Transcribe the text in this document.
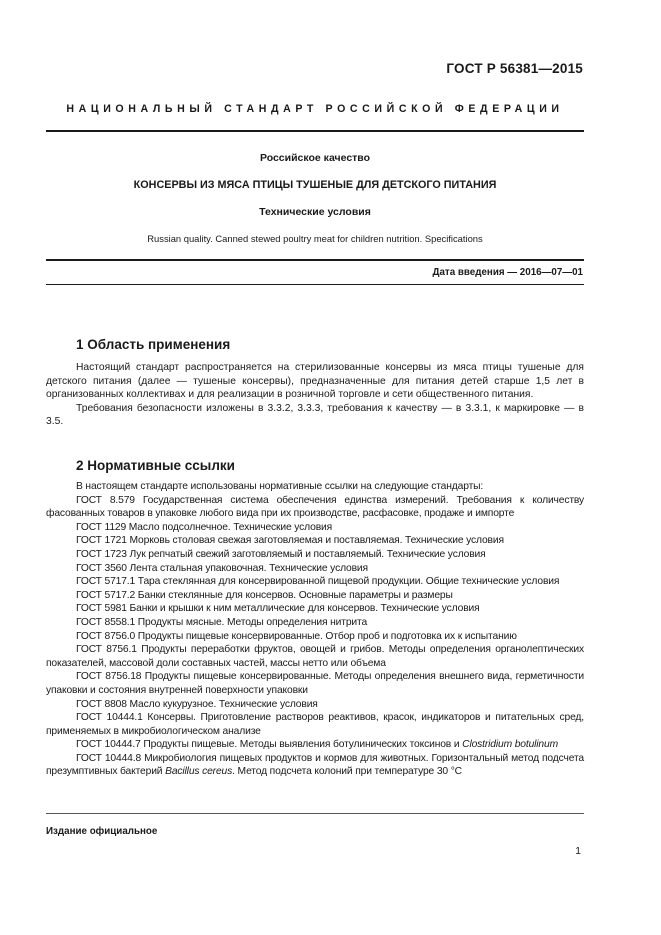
ГОСТ Р 56381—2015
НАЦИОНАЛЬНЫЙ СТАНДАРТ РОССИЙСКОЙ ФЕДЕРАЦИИ
Российское качество
КОНСЕРВЫ ИЗ МЯСА ПТИЦЫ ТУШЕНЫЕ ДЛЯ ДЕТСКОГО ПИТАНИЯ
Технические условия
Russian quality. Canned stewed poultry meat for children nutrition. Specifications
Дата введения — 2016—07—01
1 Область применения

Настоящий стандарт распространяется на стерилизованные консервы из мяса птицы тушеные для детского питания (далее — тушеные консервы), предназначенные для питания детей старше 1,5 лет в организованных коллективах и для реализации в розничной торговле и сети общественного питания.

Требования безопасности изложены в 3.3.2, 3.3.3, требования к качеству — в 3.3.1, к маркировке — в 3.5.

2 Нормативные ссылки

В настоящем стандарте использованы нормативные ссылки на следующие стандарты:

ГОСТ 8.579 Государственная система обеспечения единства измерений. Требования к количеству фасованных товаров в упаковке любого вида при их производстве, расфасовке, продаже и импорте

ГОСТ 1129 Масло подсолнечное. Технические условия

ГОСТ 1721 Морковь столовая свежая заготовляемая и поставляемая. Технические условия

ГОСТ 1723 Лук репчатый свежий заготовляемый и поставляемый. Технические условия

ГОСТ 3560 Лента стальная упаковочная. Технические условия

ГОСТ 5717.1 Тара стеклянная для консервированной пищевой продукции. Общие технические условия

ГОСТ 5717.2 Банки стеклянные для консервов. Основные параметры и размеры

ГОСТ 5981 Банки и крышки к ним металлические для консервов. Технические условия

ГОСТ 8558.1 Продукты мясные. Методы определения нитрита

ГОСТ 8756.0 Продукты пищевые консервированные. Отбор проб и подготовка их к испытанию

ГОСТ 8756.1 Продукты переработки фруктов, овощей и грибов. Методы определения органолептических показателей, массовой доли составных частей, массы нетто или объема

ГОСТ 8756.18 Продукты пищевые консервированные. Методы определения внешнего вида, герметичности упаковки и состояния внутренней поверхности упаковки

ГОСТ 8808 Масло кукурузное. Технические условия

ГОСТ 10444.1 Консервы. Приготовление растворов реактивов, красок, индикаторов и питательных сред, применяемых в микробиологическом анализе

ГОСТ 10444.7 Продукты пищевые. Методы выявления ботулинических токсинов и Clostridium botulinum

ГОСТ 10444.8 Микробиология пищевых продуктов и кормов для животных. Горизонтальный метод подсчета презумптивных бактерий Bacillus cereus. Метод подсчета колоний при температуре 30 °С

Издание официальное
1
